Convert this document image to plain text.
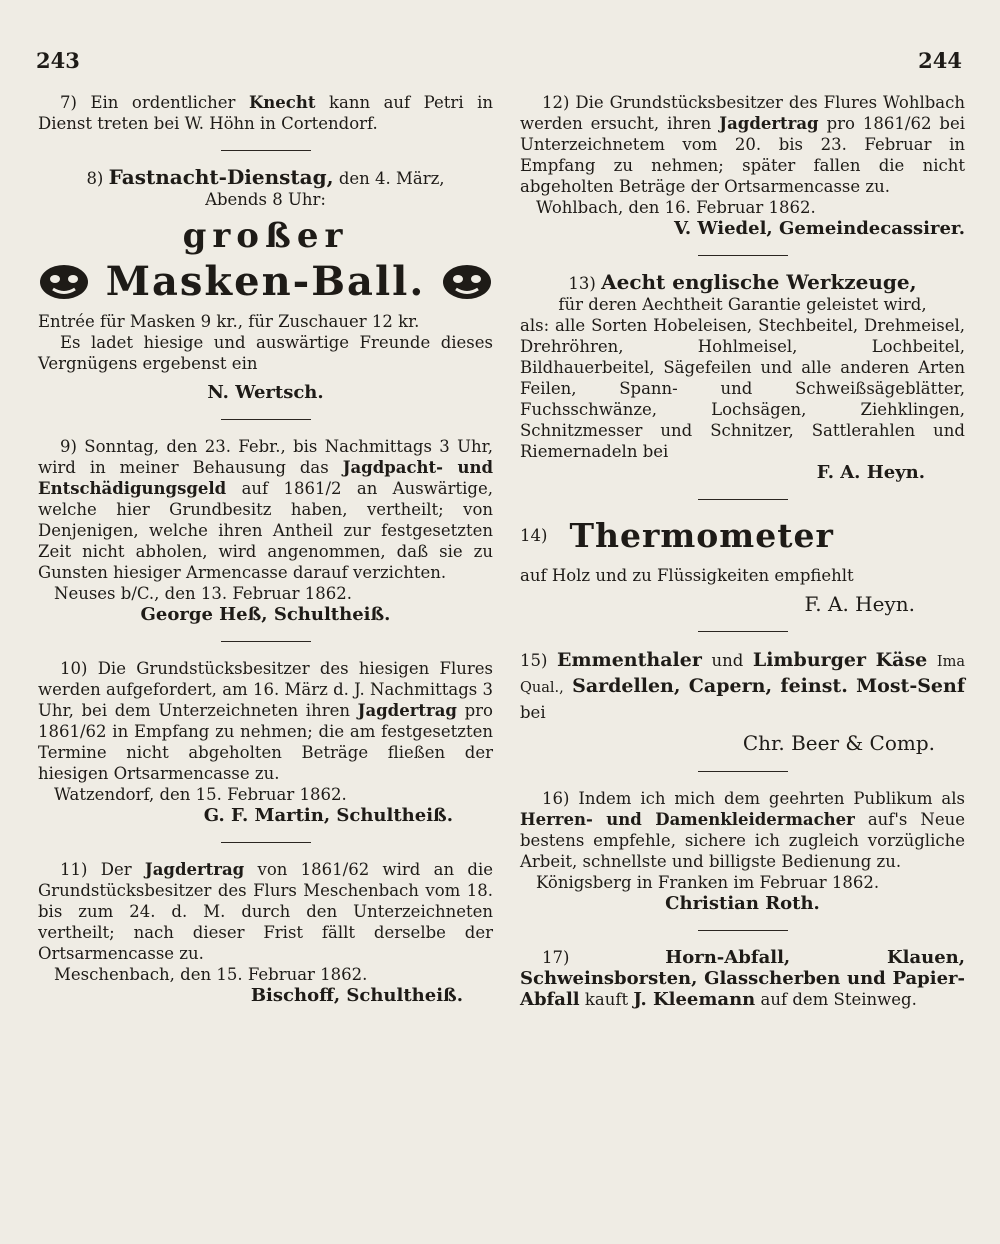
243	244

7) Ein ordentlicher Knecht kann auf Petri in Dienst treten bei W. Höhn in Cortendorf.

8) Fastnacht-Dienstag, den 4. März,

Abends 8 Uhr:

großer
Masken-Ball.

Entrée für Masken 9 kr., für Zuschauer 12 kr.

Es ladet hiesige und auswärtige Freunde dieses Vergnügens ergebenst ein

N. Wertsch.

9) Sonntag, den 23. Febr., bis Nachmittags 3 Uhr, wird in meiner Behausung das Jagdpacht- und Entschädigungsgeld auf 1861/2 an Auswärtige, welche hier Grundbesitz haben, vertheilt; von Denjenigen, welche ihren Antheil zur festgesetzten Zeit nicht abholen, wird angenommen, daß sie zu Gunsten hiesiger Armencasse darauf verzichten.

Neuses b/C., den 13. Februar 1862.

George Heß, Schultheiß.

10) Die Grundstücksbesitzer des hiesigen Flures werden aufgefordert, am 16. März d. J. Nachmittags 3 Uhr, bei dem Unterzeichneten ihren Jagdertrag pro 1861/62 in Empfang zu nehmen; die am festgesetzten Termine nicht abgeholten Beträge fließen der hiesigen Ortsarmencasse zu.

Watzendorf, den 15. Februar 1862.

G. F. Martin, Schultheiß.

11) Der Jagdertrag von 1861/62 wird an die Grundstücksbesitzer des Flurs Meschenbach vom 18. bis zum 24. d. M. durch den Unterzeichneten vertheilt; nach dieser Frist fällt derselbe der Ortsarmencasse zu.

Meschenbach, den 15. Februar 1862.

Bischoff, Schultheiß.

12) Die Grundstücksbesitzer des Flures Wohlbach werden ersucht, ihren Jagdertrag pro 1861/62 bei Unterzeichnetem vom 20. bis 23. Februar in Empfang zu nehmen; später fallen die nicht abgeholten Beträge der Ortsarmencasse zu.

Wohlbach, den 16. Februar 1862.

V. Wiedel, Gemeindecassirer.

13) Aecht englische Werkzeuge,

für deren Aechtheit Garantie geleistet wird,

als: alle Sorten Hobeleisen, Stechbeitel, Drehmeisel, Drehröhren, Hohlmeisel, Lochbeitel, Bildhauerbeitel, Sägefeilen und alle anderen Arten Feilen, Spann- und Schweißsägeblätter, Fuchsschwänze, Lochsägen, Ziehklingen, Schnitzmesser und Schnitzer, Sattlerahlen und Riemernadeln bei

F. A. Heyn.

14) Thermometer

auf Holz und zu Flüssigkeiten empfiehlt

F. A. Heyn.

15) Emmenthaler und Limburger Käse Ima Qual., Sardellen, Capern, feinst. Most-Senf bei

Chr. Beer & Comp.

16) Indem ich mich dem geehrten Publikum als Herren- und Damenkleidermacher auf's Neue bestens empfehle, sichere ich zugleich vorzügliche Arbeit, schnellste und billigste Bedienung zu.

Königsberg in Franken im Februar 1862.

Christian Roth.

17)	Horn-Abfall, Klauen, Schweinsborsten, Glasscherben und Papier-Abfall kauft J. Kleemann auf dem Steinweg.
